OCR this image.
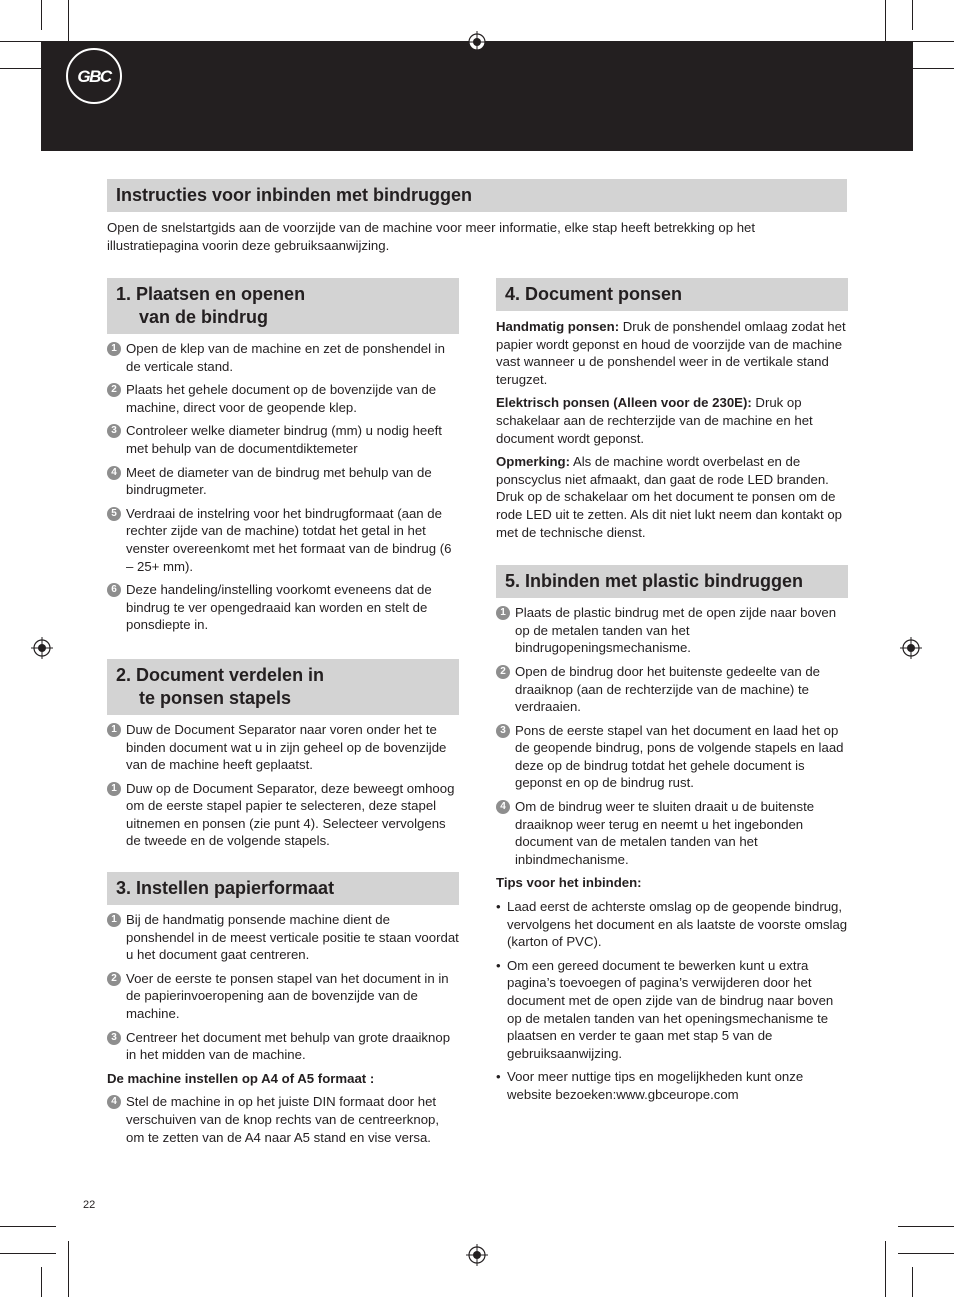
GBC
Instructies voor inbinden met bindruggen

Open de snelstartgids aan de voorzijde van de machine voor meer informatie, elke stap heeft betrekking op het illustratiepagina voorin deze gebruiksaanwijzing.

1. Plaatsen en openen
van de bindrug
1 Open de klep van de machine en zet de ponshendel in de verticale stand.
2 Plaats het gehele document op de bovenzijde van de machine, direct voor de geopende klep.
3 Controleer welke diameter bindrug (mm) u nodig heeft met behulp van de documentdiktemeter
4 Meet de diameter van de bindrug met behulp van de bindrugmeter.
5 Verdraai de instelring voor het bindrugformaat (aan de rechter zijde van de machine) totdat het getal in het venster overeenkomt met het formaat van de bindrug (6 – 25+ mm).
6 Deze handeling/instelling voorkomt eveneens dat de bindrug te ver opengedraaid kan worden en stelt de ponsdiepte in.
2. Document verdelen in
te ponsen stapels
1 Duw de Document Separator naar voren onder het te binden document wat u in zijn geheel op de bovenzijde van de machine heeft geplaatst.
1 Duw op de Document Separator, deze beweegt omhoog om de eerste stapel papier te selecteren, deze stapel uitnemen en ponsen (zie punt 4). Selecteer vervolgens de tweede en de volgende stapels.
3. Instellen papierformaat
1 Bij de handmatig ponsende machine dient de ponshendel in de meest verticale positie te staan voordat u het document gaat centreren.
2 Voer de eerste te ponsen stapel van het document in in de papierinvoeropening aan de bovenzijde van de machine.
3 Centreer het document met behulp van grote draaiknop in het midden van de machine.
De machine instellen op A4 of A5 formaat :
4 Stel de machine in op het juiste DIN formaat door het verschuiven van de knop rechts van de centreerknop, om te zetten van de A4 naar A5 stand en vise versa.
4. Document ponsen

Handmatig ponsen: Druk de ponshendel omlaag zodat het papier wordt geponst en houd de voorzijde van de machine vast wanneer u de ponshendel weer in de vertikale stand terugzet.

Elektrisch ponsen (Alleen voor de 230E): Druk op schakelaar aan de rechterzijde van de machine en het document wordt geponst.

Opmerking: Als de machine wordt overbelast en de ponscyclus niet afmaakt, dan gaat de rode LED branden. Druk op de schakelaar om het document te ponsen om de rode LED uit te zetten. Als dit niet lukt neem dan kontakt op met de technische dienst.

5. Inbinden met plastic bindruggen
1 Plaats de plastic bindrug met de open zijde naar boven op de metalen tanden van het bindrugopeningsmechanisme.
2 Open de bindrug door het buitenste gedeelte van de draaiknop (aan de rechterzijde van de machine) te verdraaien.
3 Pons de eerste stapel van het document en laad het op de geopende bindrug, pons de volgende stapels en laad deze op de bindrug totdat het gehele document is geponst en op de bindrug rust.
4 Om de bindrug weer te sluiten draait u de buitenste draaiknop weer terug en neemt u het ingebonden document van de metalen tanden van het inbindmechanisme.
Tips voor het inbinden:
• Laad eerst de achterste omslag op de geopende bindrug, vervolgens het document en als laatste de voorste omslag (karton of PVC).
• Om een gereed document te bewerken kunt u extra pagina’s toevoegen of pagina’s verwijderen door het document met de open zijde van de bindrug naar boven op de metalen tanden van het openingsmechanisme te plaatsen en verder te gaan met stap 5 van de gebruiksaanwijzing.
• Voor meer nuttige tips en mogelijkheden kunt onze website bezoeken:www.gbceurope.com
22
